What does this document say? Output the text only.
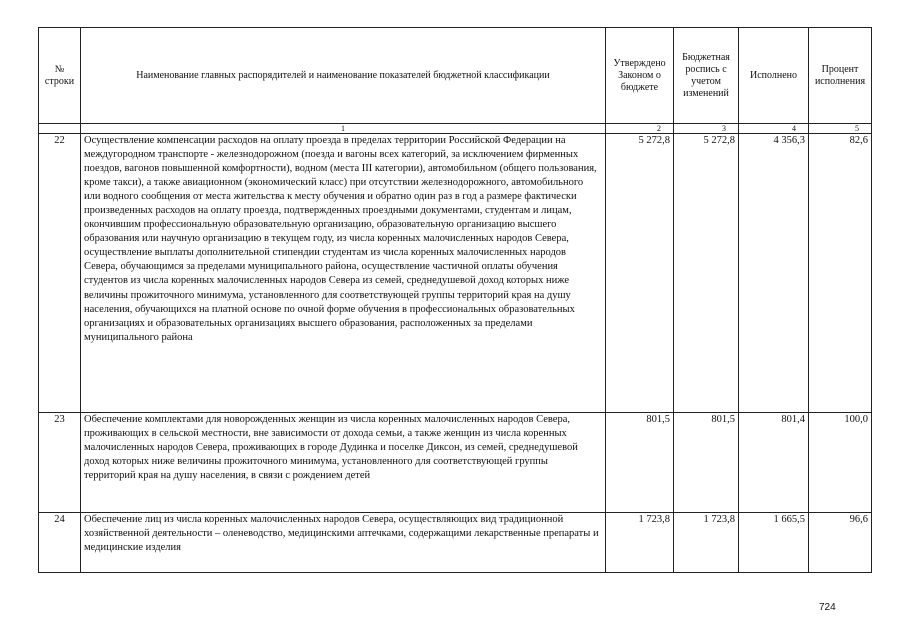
№ строки	Наименование главных распорядителей и наименование показателей бюджетной классификации	Утверждено Законом о бюджете	Бюджетная роспись с учетом изменений	Исполнено	Процент исполнения
	1	2	3	4	5
22	Осуществление компенсации расходов на оплату проезда в пределах территории Российской Федерации на междугородном транспорте - железнодорожном (поезда и вагоны всех категорий, за исключением фирменных поездов, вагонов повышенной комфортности), водном (места III категории), автомобильном (общего пользования, кроме такси), а также авиационном (экономический класс) при отсутствии железнодорожного, автомобильного или водного сообщения от места жительства к месту обучения и обратно один раз в год а размере фактически произведенных расходов на оплату проезда, подтвержденных проездными документами, студентам и лицам, окончившим профессиональную образовательную организацию, образовательную организацию высшего образования или научную организацию в текущем году, из числа коренных малочисленных народов Севера, осуществление выплаты дополнительной стипендии студентам из числа коренных малочисленных народов Севера, обучающимся за пределами муниципального района, осуществление частичной оплаты обучения студентов из числа коренных малочисленных народов Севера из семей, среднедушевой доход которых ниже величины прожиточного минимума, установленного для соответствующей группы территорий края на душу населения, обучающихся на платной основе по очной форме обучения в профессиональных образовательных организациях и образовательных организациях высшего образования, расположенных за пределами муниципального района	5 272,8	5 272,8	4 356,3	82,6
23	Обеспечение комплектами для новорожденных женщин из числа коренных малочисленных народов Севера, проживающих в сельской местности, вне зависимости от дохода семьи, а также женщин из числа коренных малочисленных народов Севера, проживающих в городе Дудинка и поселке Диксон, из семей, среднедушевой доход которых ниже величины прожиточного минимума, установленного для соответствующей группы территорий края на душу населения, в связи с рождением детей	801,5	801,5	801,4	100,0
24	Обеспечение лиц из числа коренных малочисленных народов Севера, осуществляющих вид традиционной хозяйственной деятельности – оленеводство, медицинскими аптечками, содержащими лекарственные препараты и медицинские изделия	1 723,8	1 723,8	1 665,5	96,6
724
